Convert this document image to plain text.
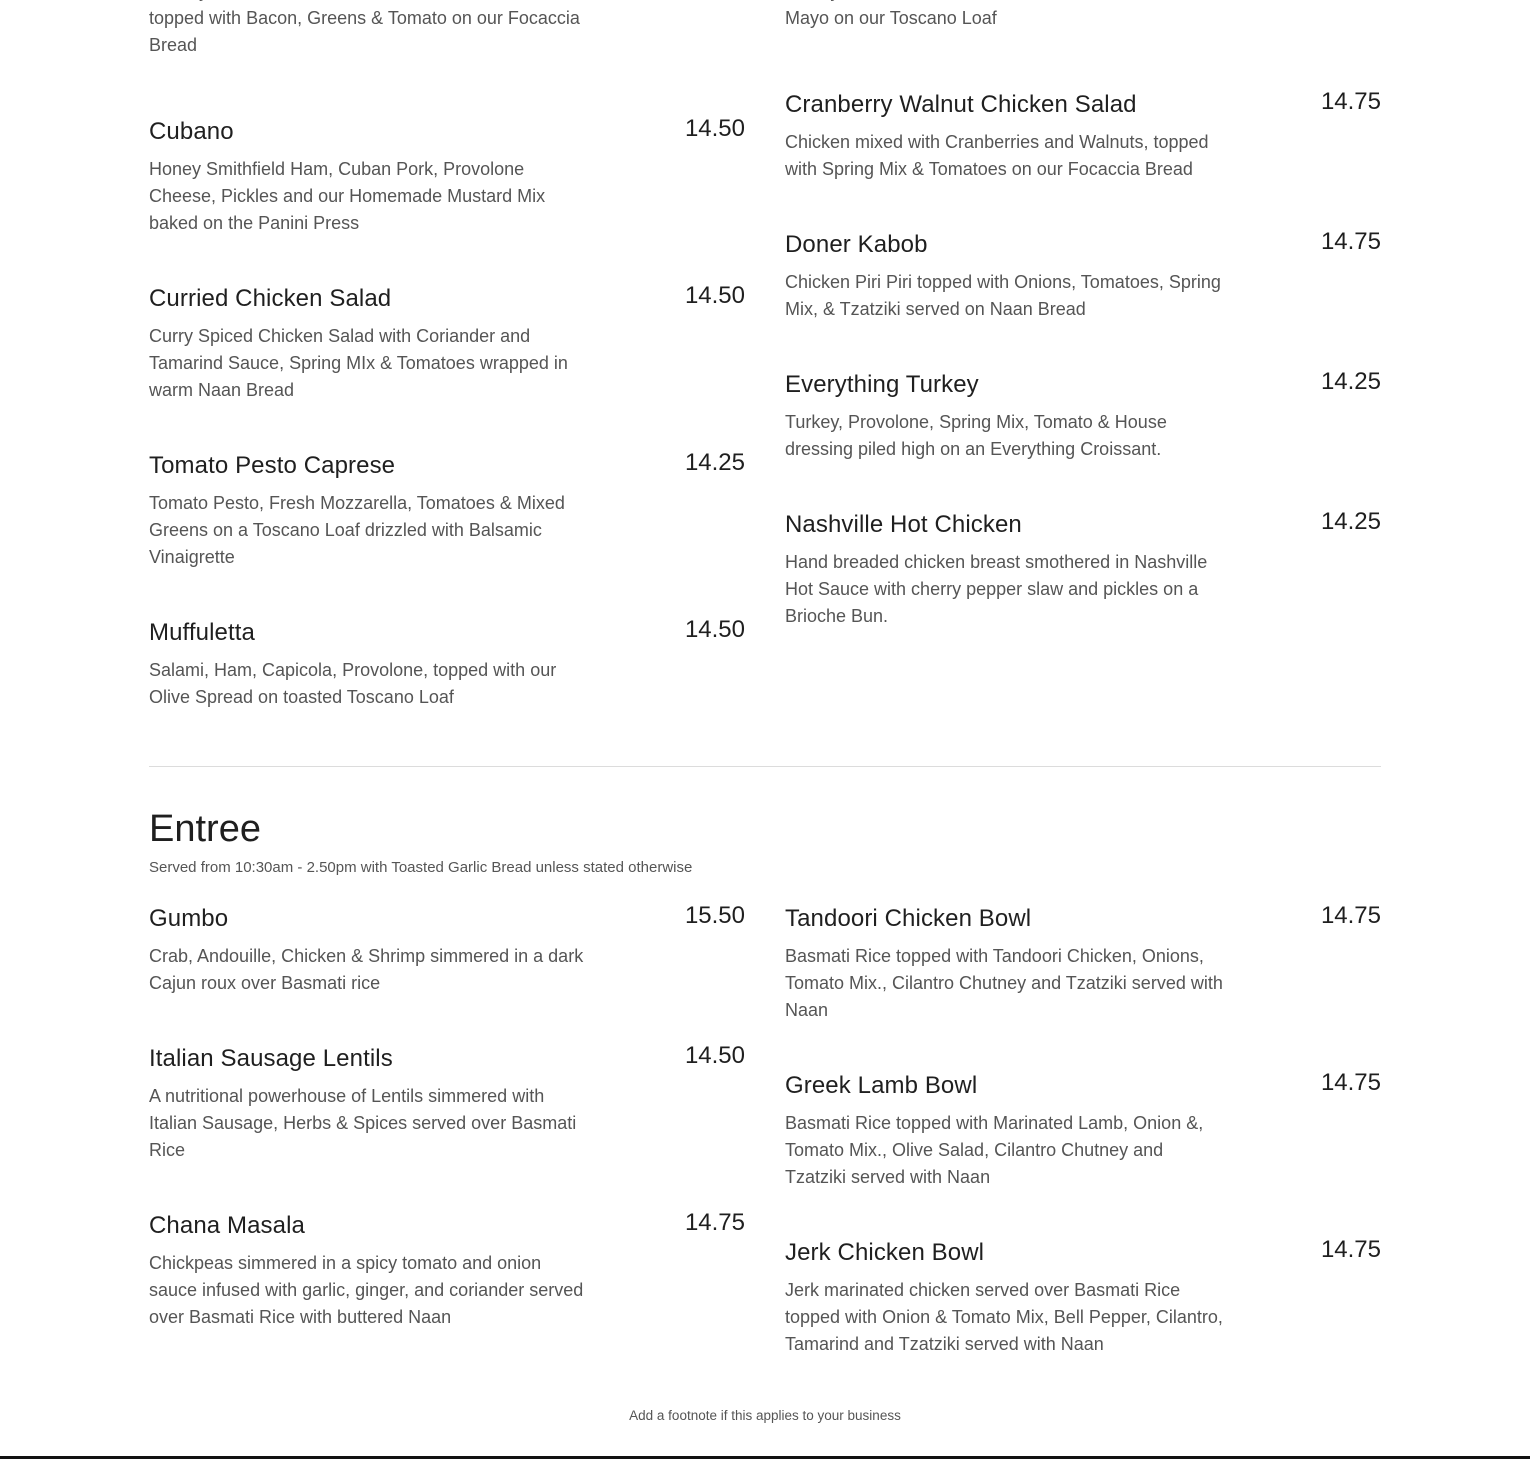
topped with Bacon, Greens & Tomato on our Focaccia Bread
Mayo on our Toscano Loaf
Cubano	14.50
Honey Smithfield Ham, Cuban Pork, Provolone Cheese, Pickles and our Homemade Mustard Mix baked on the Panini Press
Curried Chicken Salad	14.50
Curry Spiced Chicken Salad with Coriander and Tamarind Sauce, Spring MIx & Tomatoes wrapped in warm Naan Bread
Tomato Pesto Caprese	14.25
Tomato Pesto, Fresh Mozzarella, Tomatoes & Mixed Greens on a Toscano Loaf drizzled with Balsamic Vinaigrette
Muffuletta	14.50
Salami, Ham, Capicola, Provolone, topped with our Olive Spread on toasted Toscano Loaf
Cranberry Walnut Chicken Salad	14.75
Chicken mixed with Cranberries and Walnuts, topped with Spring Mix & Tomatoes on our Focaccia Bread
Doner Kabob	14.75
Chicken Piri Piri topped with Onions, Tomatoes, Spring Mix, & Tzatziki served on Naan Bread
Everything Turkey	14.25
Turkey, Provolone, Spring Mix, Tomato & House dressing piled high on an Everything Croissant.
Nashville Hot Chicken	14.25
Hand breaded chicken breast smothered in Nashville Hot Sauce with cherry pepper slaw and pickles on a Brioche Bun.
Entree
Served from 10:30am - 2.50pm with Toasted Garlic Bread unless stated otherwise
Gumbo	15.50
Crab, Andouille, Chicken & Shrimp simmered in a dark Cajun roux over Basmati rice
Italian Sausage Lentils	14.50
A nutritional powerhouse of Lentils simmered with Italian Sausage, Herbs & Spices served over Basmati Rice
Chana Masala	14.75
Chickpeas simmered in a spicy tomato and onion sauce infused with garlic, ginger, and coriander served over Basmati Rice with buttered Naan
Tandoori Chicken Bowl	14.75
Basmati Rice topped with Tandoori Chicken, Onions, Tomato Mix., Cilantro Chutney and Tzatziki served with Naan
Greek Lamb Bowl	14.75
Basmati Rice topped with Marinated Lamb, Onion &, Tomato Mix., Olive Salad, Cilantro Chutney and Tzatziki served with Naan
Jerk Chicken Bowl	14.75
Jerk marinated chicken served over Basmati Rice topped with Onion & Tomato Mix, Bell Pepper, Cilantro, Tamarind and Tzatziki served with Naan
Add a footnote if this applies to your business
